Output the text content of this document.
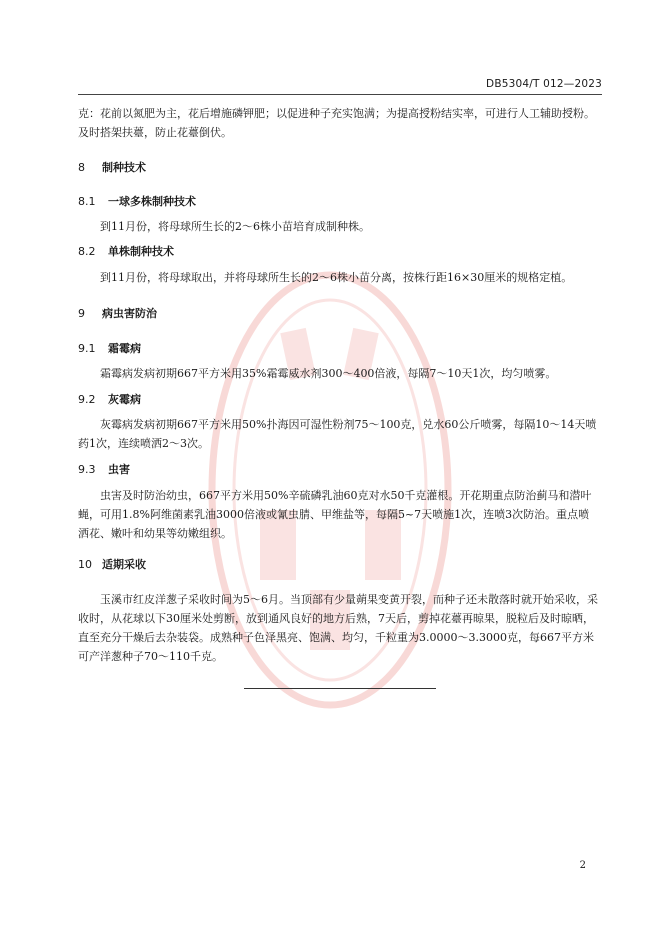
DB5304/T 012—2023

克：花前以氮肥为主，花后增施磷钾肥；以促进种子充实饱满；为提高授粉结实率，可进行人工辅助授粉。及时搭架扶薹，防止花薹倒伏。

8 制种技术
8.1 一球多株制种技术

到11月份，将母球所生长的2～6株小苗培育成制种株。

8.2 单株制种技术

到11月份，将母球取出，并将母球所生长的2～6株小苗分离，按株行距16×30厘米的规格定植。

9 病虫害防治
9.1 霜霉病

霜霉病发病初期667平方米用35%霜霉威水剂300～400倍液，每隔7～10天1次，均匀喷雾。

9.2 灰霉病

灰霉病发病初期667平方米用50%扑海因可湿性粉剂75～100克，兑水60公斤喷雾，每隔10～14天喷药1次，连续喷洒2～3次。

9.3 虫害

虫害及时防治幼虫，667平方米用50%辛硫磷乳油60克对水50千克灌根。开花期重点防治蓟马和潜叶蝇，可用1.8%阿维菌素乳油3000倍液或氰虫腈、甲维盐等，每隔5~7天喷施1次，连喷3次防治。重点喷洒花、嫩叶和幼果等幼嫩组织。

10 适期采收

玉溪市红皮洋葱子采收时间为5～6月。当顶部有少量蒴果变黄开裂，而种子还未散落时就开始采收，采收时，从花球以下30厘米处剪断，放到通风良好的地方后熟，7天后，剪掉花薹再晾果，脱粒后及时晾晒，直至充分干燥后去杂装袋。成熟种子色泽黑亮、饱满、均匀，千粒重为3.0000～3.3000克，每667平方米可产洋葱种子70～110千克。

2
